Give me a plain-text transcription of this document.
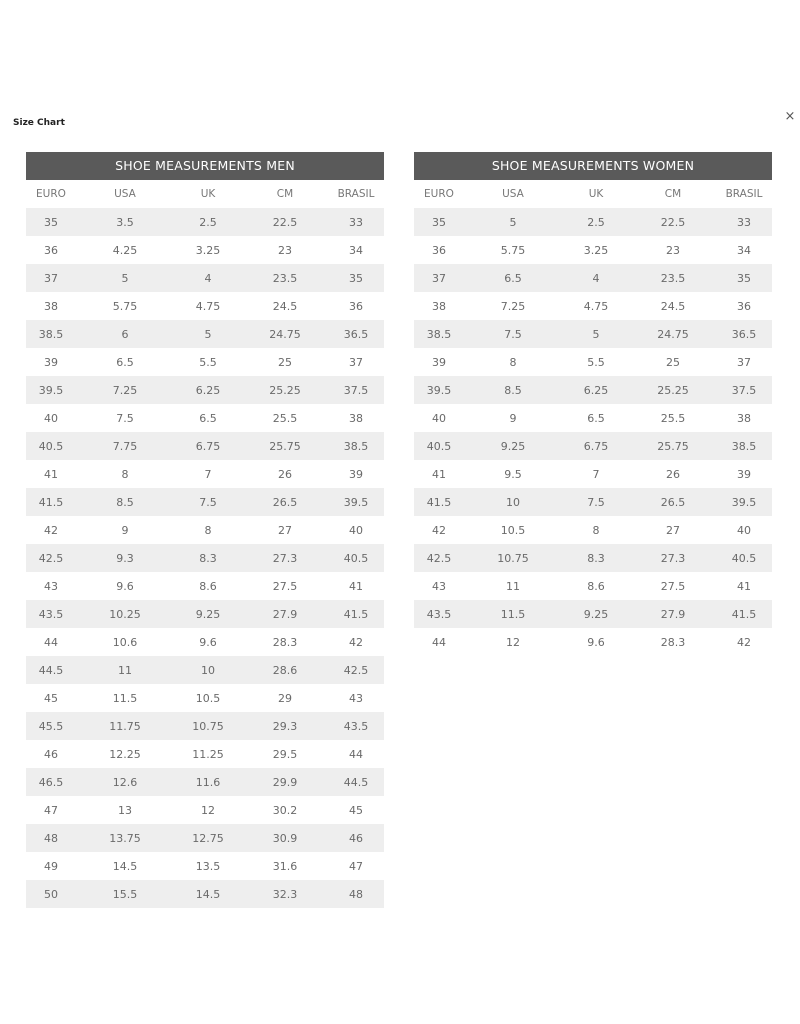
Size Chart	×
SHOE MEASUREMENTS MEN
EURO	USA	UK	CM	BRASIL
35	3.5	2.5	22.5	33
36	4.25	3.25	23	34
37	5	4	23.5	35
38	5.75	4.75	24.5	36
38.5	6	5	24.75	36.5
39	6.5	5.5	25	37
39.5	7.25	6.25	25.25	37.5
40	7.5	6.5	25.5	38
40.5	7.75	6.75	25.75	38.5
41	8	7	26	39
41.5	8.5	7.5	26.5	39.5
42	9	8	27	40
42.5	9.3	8.3	27.3	40.5
43	9.6	8.6	27.5	41
43.5	10.25	9.25	27.9	41.5
44	10.6	9.6	28.3	42
44.5	11	10	28.6	42.5
45	11.5	10.5	29	43
45.5	11.75	10.75	29.3	43.5
46	12.25	11.25	29.5	44
46.5	12.6	11.6	29.9	44.5
47	13	12	30.2	45
48	13.75	12.75	30.9	46
49	14.5	13.5	31.6	47
50	15.5	14.5	32.3	48
SHOE MEASUREMENTS WOMEN
EURO	USA	UK	CM	BRASIL
35	5	2.5	22.5	33
36	5.75	3.25	23	34
37	6.5	4	23.5	35
38	7.25	4.75	24.5	36
38.5	7.5	5	24.75	36.5
39	8	5.5	25	37
39.5	8.5	6.25	25.25	37.5
40	9	6.5	25.5	38
40.5	9.25	6.75	25.75	38.5
41	9.5	7	26	39
41.5	10	7.5	26.5	39.5
42	10.5	8	27	40
42.5	10.75	8.3	27.3	40.5
43	11	8.6	27.5	41
43.5	11.5	9.25	27.9	41.5
44	12	9.6	28.3	42
